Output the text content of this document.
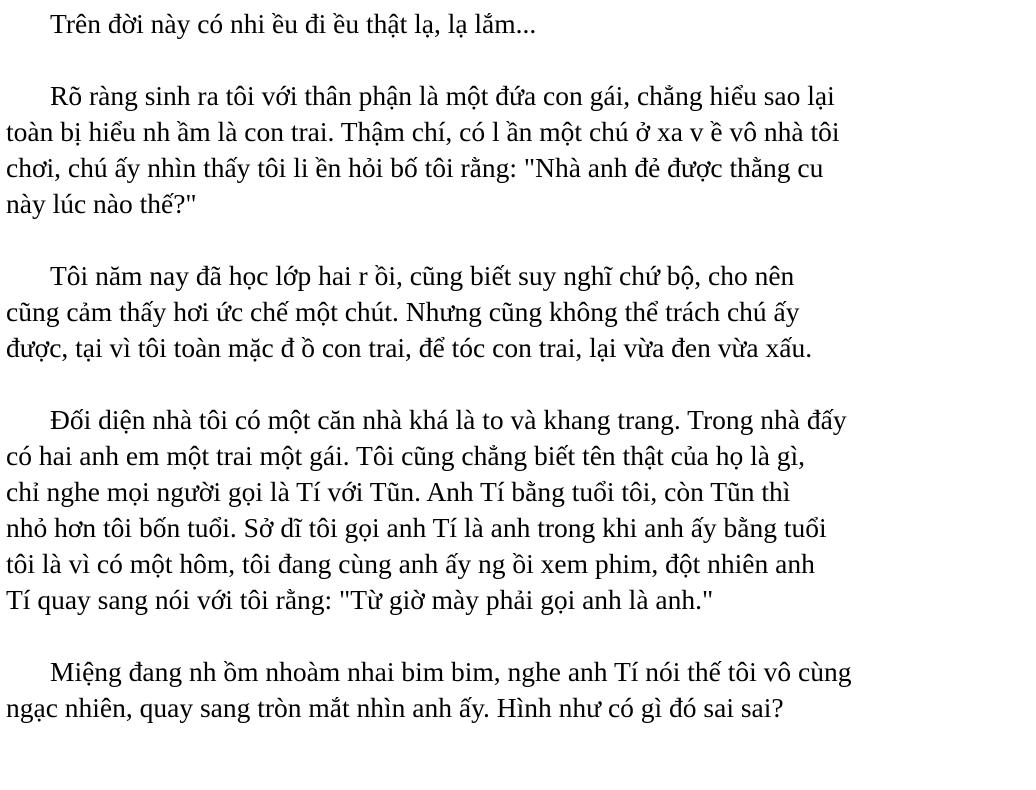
Trên đời này có nhi ều đi ều thật lạ, lạ lắm...
Rõ ràng sinh ra tôi với thân phận là một đứa con gái, chẳng hiểu sao lại
toàn bị hiểu nh ầm là con trai. Thậm chí, có l ần một chú ở xa v ề vô nhà tôi
chơi, chú ấy nhìn thấy tôi li ền hỏi bố tôi rằng: "Nhà anh đẻ được thằng cu
này lúc nào thế?"
Tôi năm nay đã học lớp hai r ồi, cũng biết suy nghĩ chứ bộ, cho nên
cũng cảm thấy hơi ức chế một chút. Nhưng cũng không thể trách chú ấy
được, tại vì tôi toàn mặc đ ồ con trai, để tóc con trai, lại vừa đen vừa xấu.
Đối diện nhà tôi có một căn nhà khá là to và khang trang. Trong nhà đấy
có hai anh em một trai một gái. Tôi cũng chẳng biết tên thật của họ là gì,
chỉ nghe mọi người gọi là Tí với Tũn. Anh Tí bằng tuổi tôi, còn Tũn thì
nhỏ hơn tôi bốn tuổi. Sở dĩ tôi gọi anh Tí là anh trong khi anh ấy bằng tuổi
tôi là vì có một hôm, tôi đang cùng anh ấy ng ồi xem phim, đột nhiên anh
Tí quay sang nói với tôi rằng: "Từ giờ mày phải gọi anh là anh."
Miệng đang nh ồm nhoàm nhai bim bim, nghe anh Tí nói thế tôi vô cùng
ngạc nhiên, quay sang tròn mắt nhìn anh ấy. Hình như có gì đó sai sai?
